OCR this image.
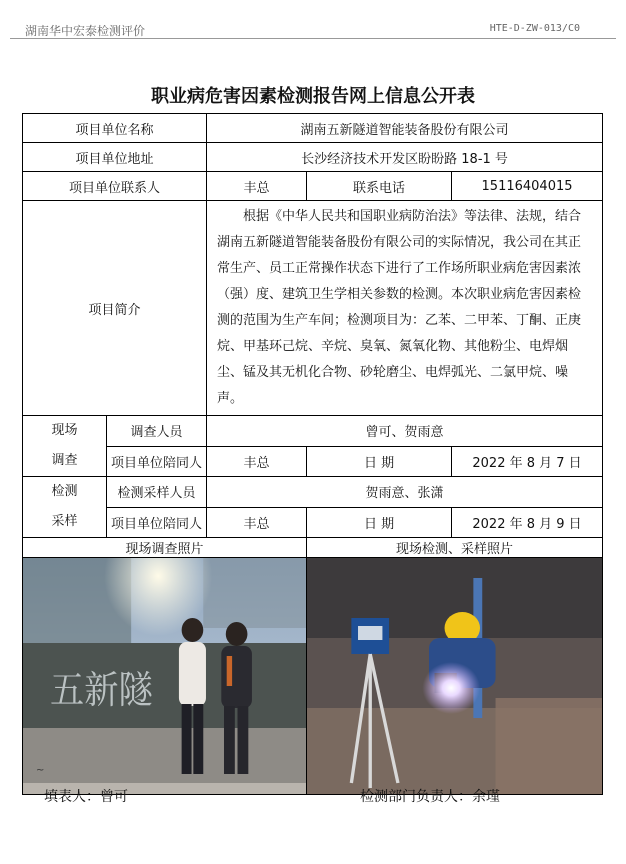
湖南华中宏泰检测评价	HTE-D-ZW-013/C0
职业病危害因素检测报告网上信息公开表
项目单位名称		湖南五新隧道智能装备股份有限公司		
项目单位地址		长沙经济技术开发区盼盼路 18-1 号		
项目单位联系人		丰总	联系电话	15116404015
项目简介		根据《中华人民共和国职业病防治法》等法律、法规，结合湖南五新隧道智能装备股份有限公司的实际情况，我公司在其正常生产、员工正常操作状态下进行了工作场所职业病危害因素浓（强）度、建筑卫生学相关参数的检测。本次职业病危害因素检测的范围为生产车间；检测项目为：乙苯、二甲苯、丁酮、正庚烷、甲基环己烷、辛烷、臭氧、氮氧化物、其他粉尘、电焊烟尘、锰及其无机化合物、砂轮磨尘、电焊弧光、二氯甲烷、噪声。		

现场
调查	调查人员	曾可、贺雨意		
	项目单位陪同人	丰总	日 期	2022 年 8 月 7 日

检测
采样	检测采样人员	贺雨意、张潇		
	项目单位陪同人	丰总	日 期	2022 年 8 月 9 日
现场调查照片			现场检测、采样照片	

五新隧

~
填表人：曾可	检测部门负责人：余瑾
